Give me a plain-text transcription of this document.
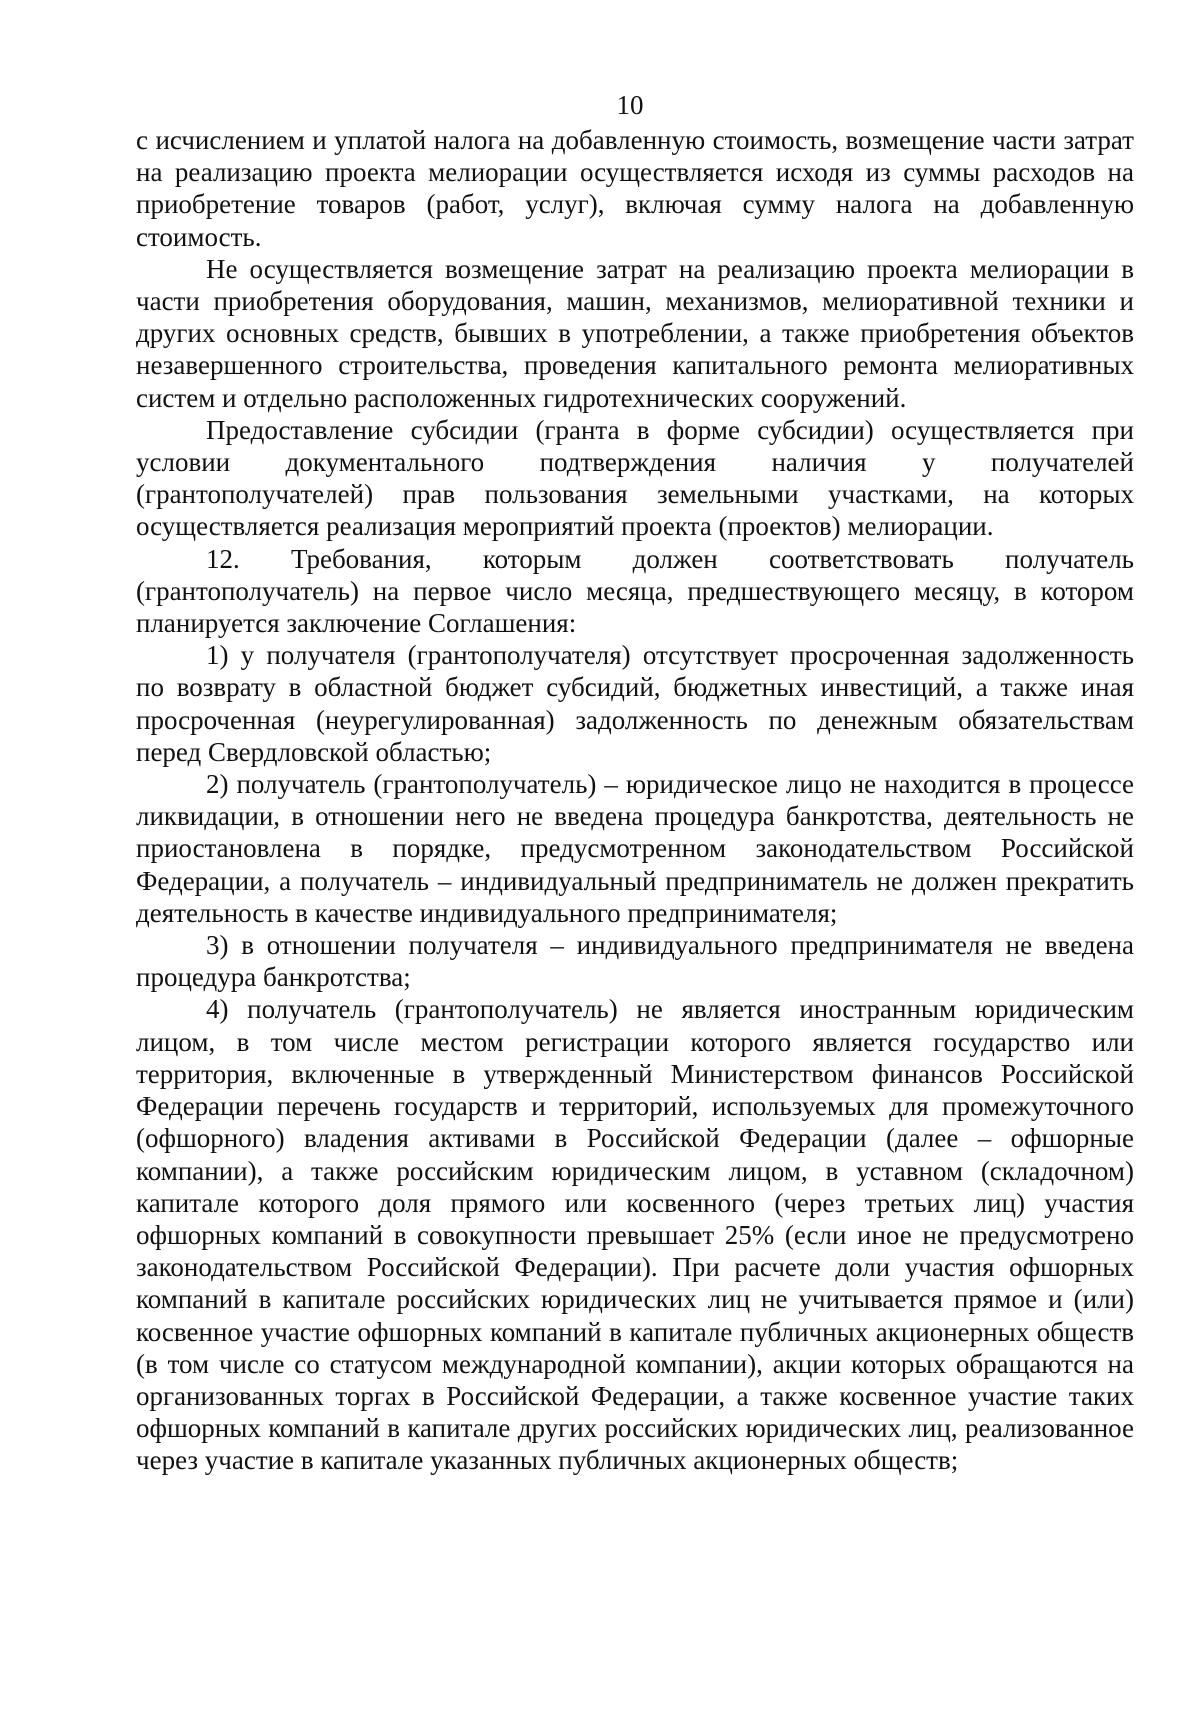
10

с исчислением и уплатой налога на добавленную стоимость, возмещение части затрат на реализацию проекта мелиорации осуществляется исходя из суммы расходов на приобретение товаров (работ, услуг), включая сумму налога на добавленную стоимость.

Не осуществляется возмещение затрат на реализацию проекта мелиорации в части приобретения оборудования, машин, механизмов, мелиоративной техники и других основных средств, бывших в употреблении, а также приобретения объектов незавершенного строительства, проведения капитального ремонта мелиоративных систем и отдельно расположенных гидротехнических сооружений.

Предоставление субсидии (гранта в форме субсидии) осуществляется при условии документального подтверждения наличия у получателей (грантополучателей) прав пользования земельными участками, на которых осуществляется реализация мероприятий проекта (проектов) мелиорации.

12. Требования, которым должен соответствовать получатель (грантополучатель) на первое число месяца, предшествующего месяцу, в котором планируется заключение Соглашения:

1) у получателя (грантополучателя) отсутствует просроченная задолженность по возврату в областной бюджет субсидий, бюджетных инвестиций, а также иная просроченная (неурегулированная) задолженность по денежным обязательствам перед Свердловской областью;

2) получатель (грантополучатель) – юридическое лицо не находится в процессе ликвидации, в отношении него не введена процедура банкротства, деятельность не приостановлена в порядке, предусмотренном законодательством Российской Федерации, а получатель – индивидуальный предприниматель не должен прекратить деятельность в качестве индивидуального предпринимателя;

3) в отношении получателя – индивидуального предпринимателя не введена процедура банкротства;

4) получатель (грантополучатель) не является иностранным юридическим лицом, в том числе местом регистрации которого является государство или территория, включенные в утвержденный Министерством финансов Российской Федерации перечень государств и территорий, используемых для промежуточного (офшорного) владения активами в Российской Федерации (далее – офшорные компании), а также российским юридическим лицом, в уставном (складочном) капитале которого доля прямого или косвенного (через третьих лиц) участия офшорных компаний в совокупности превышает 25% (если иное не предусмотрено законодательством Российской Федерации). При расчете доли участия офшорных компаний в капитале российских юридических лиц не учитывается прямое и (или) косвенное участие офшорных компаний в капитале публичных акционерных обществ (в том числе со статусом международной компании), акции которых обращаются на организованных торгах в Российской Федерации, а также косвенное участие таких офшорных компаний в капитале других российских юридических лиц, реализованное через участие в капитале указанных публичных акционерных обществ;
